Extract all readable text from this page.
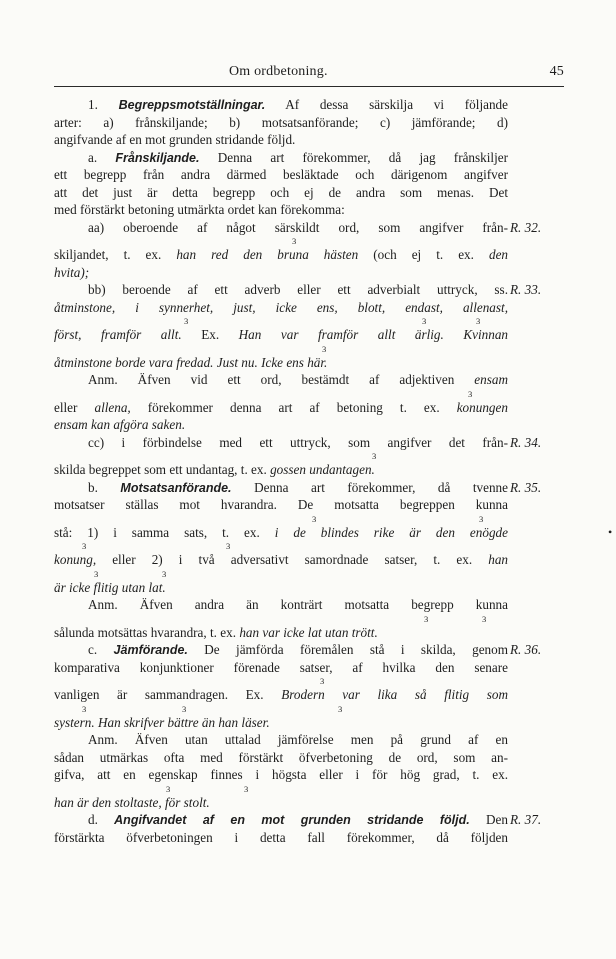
Om ordbetoning.	45
1. Begreppsmotställningar. Af dessa särskilja vi följande
arter: a) frånskiljande; b) motsatsanförande; c) jämförande; d)
angifvande af en mot grunden stridande följd.
a. Frånskiljande. Denna art förekommer, då jag frånskiljer
ett begrepp från andra därmed besläktade och därigenom angifver
att det just är detta begrepp och ej de andra som menas. Det
med förstärkt betoning utmärkta ordet kan förekomma:
aa) oberoende af något särskildt ord, som angifver från- R. 32.
3
skiljandet, t. ex. han red den bruna hästen (och ej t. ex. den
hvita);
bb) beroende af ett adverb eller ett adverbialt uttryck, ss. R. 33.
åtminstone, i synnerhet, just, icke ens, blott, endast, allenast,
3	3	3
först, framför allt. Ex. Han var framför allt ärlig. Kvinnan
3
åtminstone borde vara fredad. Just nu. Icke ens här.
Anm. Äfven vid ett ord, bestämdt af adjektiven ensam
3
eller allena, förekommer denna art af betoning t. ex. konungen
ensam kan afgöra saken.
cc) i förbindelse med ett uttryck, som angifver det från- R. 34.
3
skilda begreppet som ett undantag, t. ex. gossen undantagen.
b. Motsatsanförande. Denna art förekommer, då tvenne R. 35.
motsatser ställas mot hvarandra. De motsatta begreppen kunna
3	3
stå: 1) i samma sats, t. ex. i de blindes rike är den enögde	•
3	3
konung, eller 2) i två adversativt samordnade satser, t. ex. han
3	3
är icke flitig utan lat.
Anm. Äfven andra än konträrt motsatta begrepp kunna
3	3
sålunda motsättas hvarandra, t. ex. han var icke lat utan trött.
c. Jämförande. De jämförda föremålen stå i skilda, genom R. 36.
komparativa konjunktioner förenade satser, af hvilka den senare
3
vanligen är sammandragen. Ex. Brodern var lika så flitig som
3	3	3
systern. Han skrifver bättre än han läser.
Anm. Äfven utan uttalad jämförelse men på grund af en
sådan utmärkas ofta med förstärkt öfverbetoning de ord, som an-
gifva, att en egenskap finnes i högsta eller i för hög grad, t. ex.
3	3
han är den stoltaste, för stolt.
d. Angifvandet af en mot grunden stridande följd. Den R. 37.
förstärkta öfverbetoningen i detta fall förekommer, då följden
